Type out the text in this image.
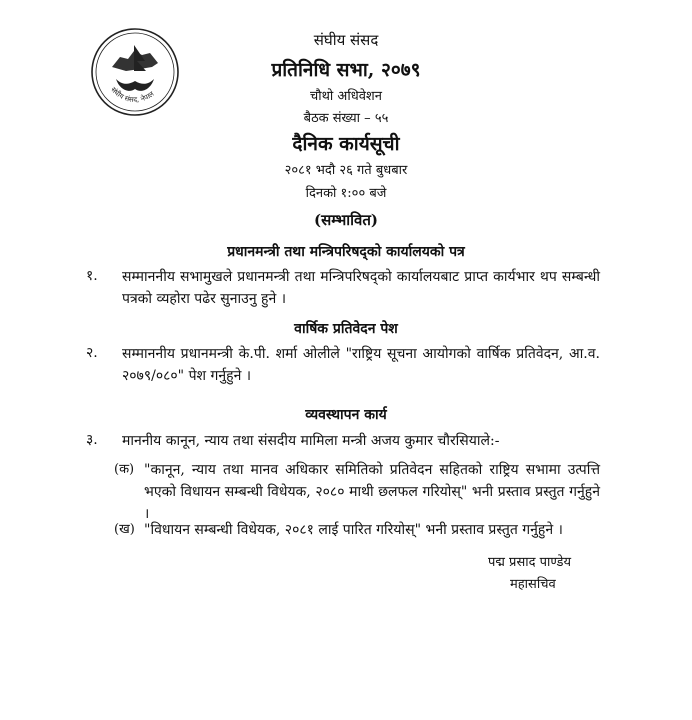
संघीय संसद, नेपाल
संघीय संसद
प्रतिनिधि सभा, २०७९
चौथो अधिवेशन
बैठक संख्या – ५५
दैनिक कार्यसूची
२०८१ भदौ २६ गते बुधबार
दिनको १:०० बजे
(सम्भावित)
प्रधानमन्त्री तथा मन्त्रिपरिषद्को कार्यालयको पत्र
१. सम्माननीय सभामुखले प्रधानमन्त्री तथा मन्त्रिपरिषद्को कार्यालयबाट प्राप्त कार्यभार थप सम्बन्धी पत्रको व्यहोरा पढेर सुनाउनु हुने ।
वार्षिक प्रतिवेदन पेश
२. सम्माननीय प्रधानमन्त्री के.पी. शर्मा ओलीले "राष्ट्रिय सूचना आयोगको वार्षिक प्रतिवेदन, आ.व. २०७९/०८०" पेश गर्नुहुने ।
व्यवस्थापन कार्य
३. माननीय कानून, न्याय तथा संसदीय मामिला मन्त्री अजय कुमार चौरसियाले:-
(क) "कानून, न्याय तथा मानव अधिकार समितिको प्रतिवेदन सहितको राष्ट्रिय सभामा उत्पत्ति भएको विधायन सम्बन्धी विधेयक, २०८० माथी छलफल गरियोस्" भनी प्रस्ताव प्रस्तुत गर्नुहुने ।
(ख) "विधायन सम्बन्धी विधेयक, २०८१ लाई पारित गरियोस्" भनी प्रस्ताव प्रस्तुत गर्नुहुने ।
पद्म प्रसाद पाण्डेय
महासचिव
